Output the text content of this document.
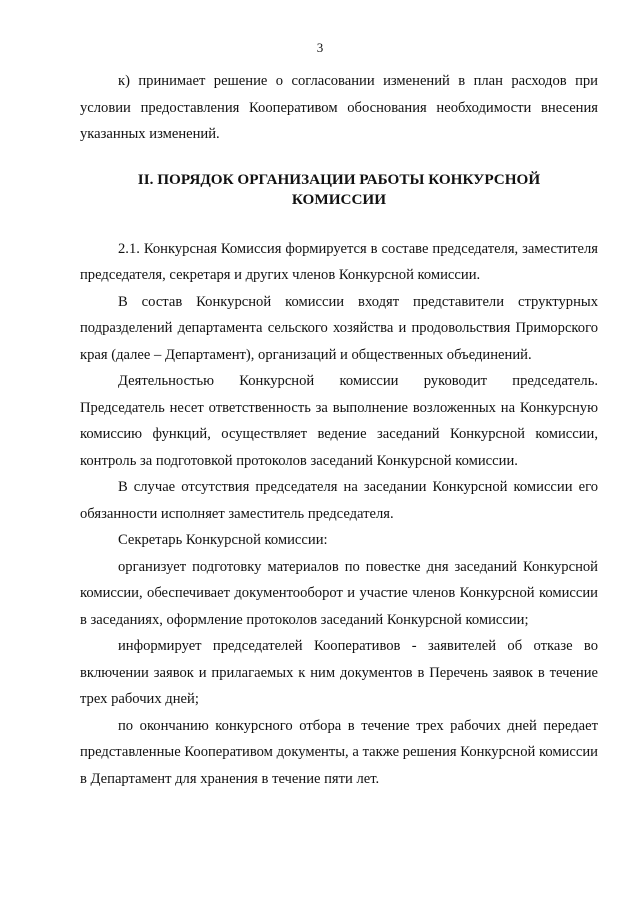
3

к) принимает решение о согласовании изменений в план расходов при условии предоставления Кооперативом обоснования необходимости внесения указанных изменений.

II. ПОРЯДОК ОРГАНИЗАЦИИ РАБОТЫ КОНКУРСНОЙ КОМИССИИ

2.1. Конкурсная Комиссия формируется в составе председателя, заместителя председателя, секретаря и других членов Конкурсной комиссии.

В состав Конкурсной комиссии входят представители структурных подразделений департамента сельского хозяйства и продовольствия Приморского края (далее – Департамент), организаций и общественных объединений.

Деятельностью Конкурсной комиссии руководит председатель. Председатель несет ответственность за выполнение возложенных на Конкурсную комиссию функций, осуществляет ведение заседаний Конкурсной комиссии, контроль за подготовкой протоколов заседаний Конкурсной комиссии.

В случае отсутствия председателя на заседании Конкурсной комиссии его обязанности исполняет заместитель председателя.

Секретарь Конкурсной комиссии:

организует подготовку материалов по повестке дня заседаний Конкурсной комиссии, обеспечивает документооборот и участие членов Конкурсной комиссии в заседаниях, оформление протоколов заседаний Конкурсной комиссии;

информирует председателей Кооперативов - заявителей об отказе во включении заявок и прилагаемых к ним документов в Перечень заявок в течение трех рабочих дней;

по окончанию конкурсного отбора в течение трех рабочих дней передает представленные Кооперативом документы, а также решения Конкурсной комиссии в Департамент для хранения в течение пяти лет.
